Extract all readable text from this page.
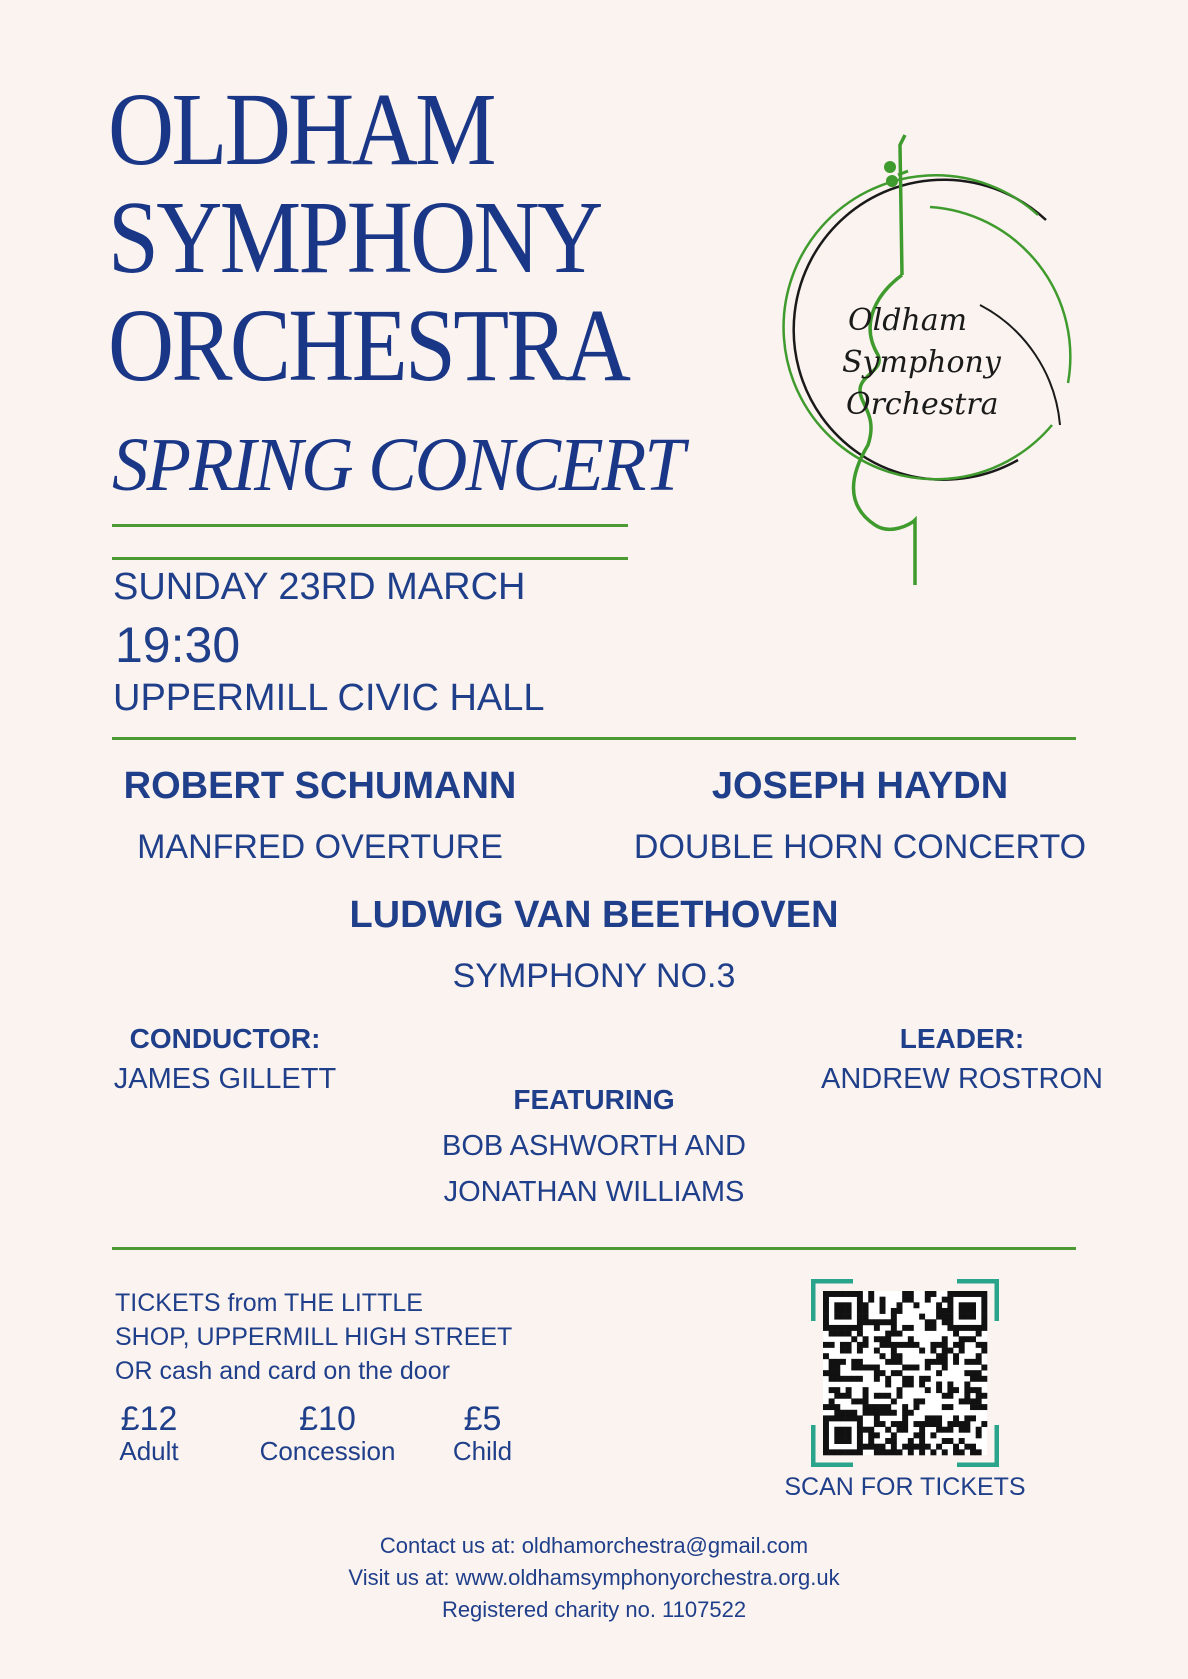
OLDHAM
SYMPHONY
ORCHESTRA
SPRING CONCERT
Oldham
Symphony
Orchestra
SUNDAY 23RD MARCH
19:30
UPPERMILL CIVIC HALL
ROBERT SCHUMANN
MANFRED OVERTURE
JOSEPH HAYDN
DOUBLE HORN CONCERTO
LUDWIG VAN BEETHOVEN
SYMPHONY NO.3
CONDUCTOR:
JAMES GILLETT
FEATURING
BOB ASHWORTH AND
JONATHAN WILLIAMS
LEADER:
ANDREW ROSTRON
TICKETS from THE LITTLE
SHOP, UPPERMILL HIGH STREET
OR cash and card on the door
£12
Adult
£10
Concession
£5
Child
SCAN FOR TICKETS
Contact us at: oldhamorchestra@gmail.com
Visit us at: www.oldhamsymphonyorchestra.org.uk
Registered charity no. 1107522
